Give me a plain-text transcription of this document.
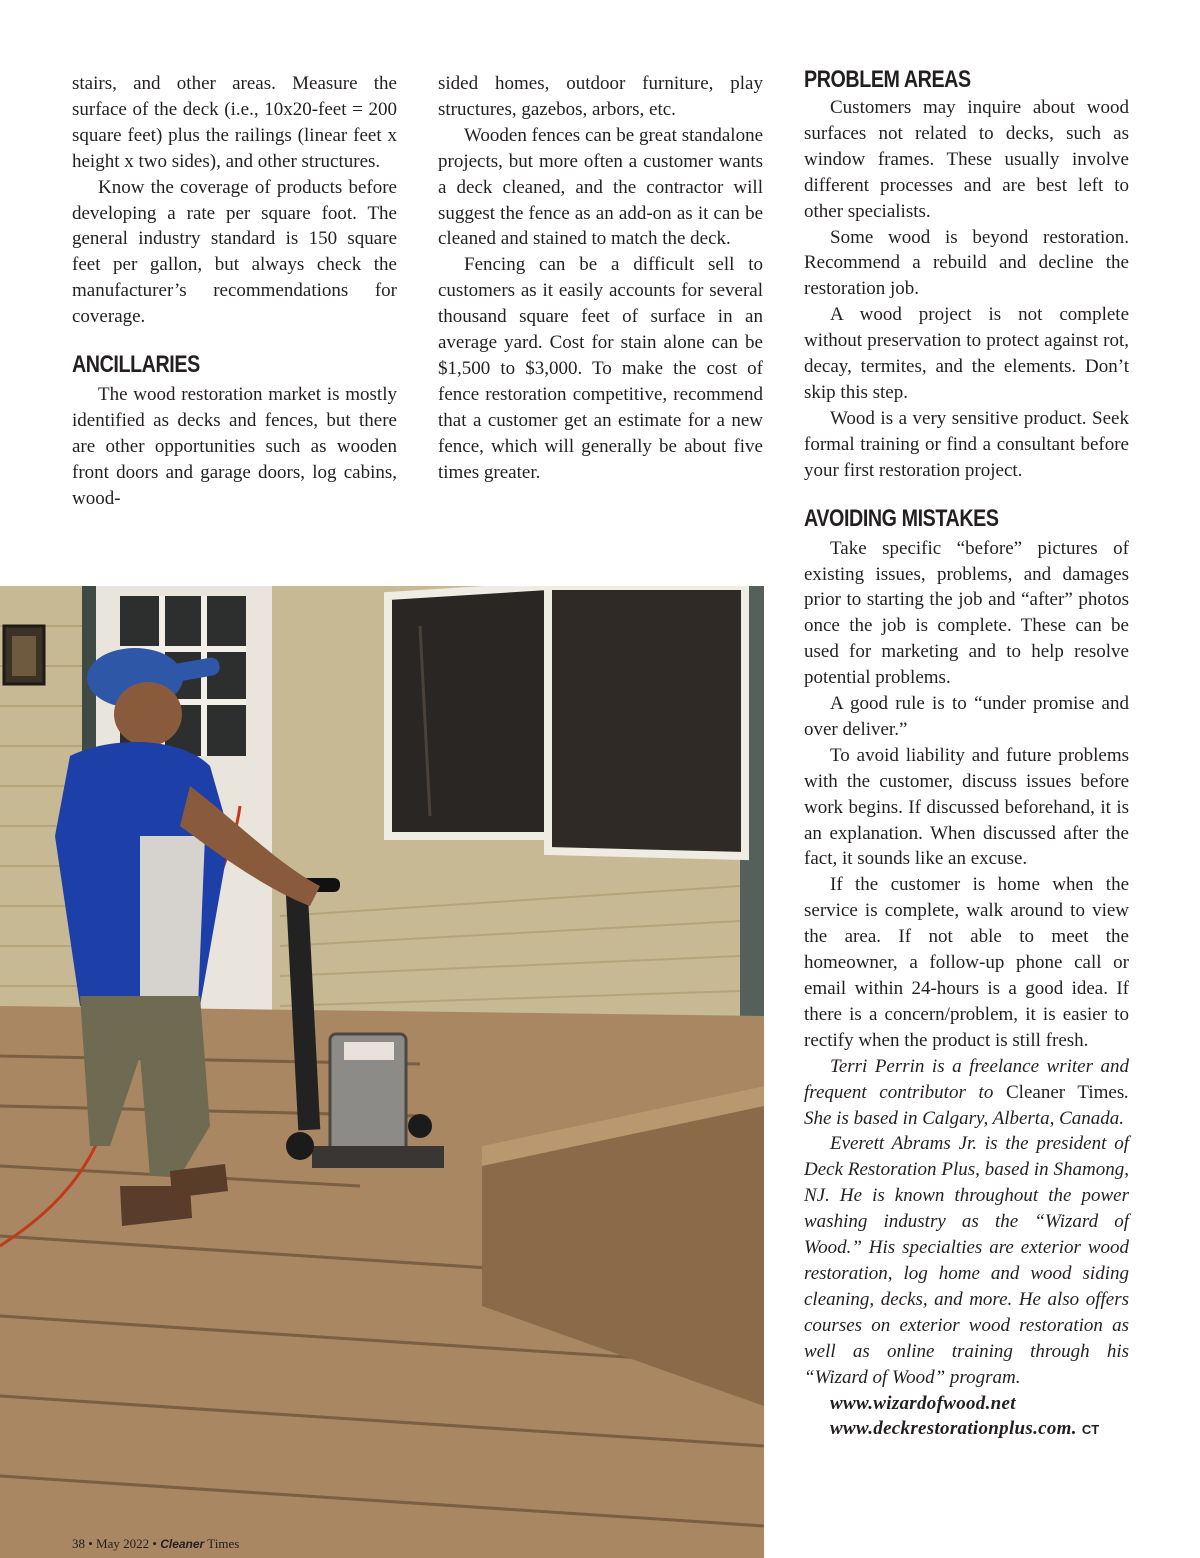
stairs, and other areas. Measure the surface of the deck (i.e., 10x20-feet = 200 square feet) plus the railings (linear feet x height x two sides), and other structures.

Know the coverage of products before developing a rate per square foot. The general industry standard is 150 square feet per gallon, but always check the manufacturer’s recommendations for coverage.

ANCILLARIES

The wood restoration market is mostly identified as decks and fences, but there are other opportunities such as wooden front doors and garage doors, log cabins, wood-

sided homes, outdoor furniture, play structures, gazebos, arbors, etc.

Wooden fences can be great standalone projects, but more often a customer wants a deck cleaned, and the contractor will suggest the fence as an add-on as it can be cleaned and stained to match the deck.

Fencing can be a difficult sell to customers as it easily accounts for several thousand square feet of surface in an average yard. Cost for stain alone can be $1,500 to $3,000. To make the cost of fence restoration competitive, recommend that a customer get an estimate for a new fence, which will generally be about five times greater.

PROBLEM AREAS

Customers may inquire about wood surfaces not related to decks, such as window frames. These usually involve different processes and are best left to other specialists.

Some wood is beyond restoration. Recommend a rebuild and decline the restoration job.

A wood project is not complete without preservation to protect against rot, decay, termites, and the elements. Don’t skip this step.

Wood is a very sensitive product. Seek formal training or find a consultant before your first restoration project.

AVOIDING MISTAKES

Take specific “before” pictures of existing issues, problems, and damages prior to starting the job and “after” photos once the job is complete. These can be used for marketing and to help resolve potential problems.

A good rule is to “under promise and over deliver.”

To avoid liability and future problems with the customer, discuss issues before work begins. If discussed beforehand, it is an explanation. When discussed after the fact, it sounds like an excuse.

If the customer is home when the service is complete, walk around to view the area. If not able to meet the homeowner, a follow-up phone call or email within 24-hours is a good idea. If there is a concern/problem, it is easier to rectify when the product is still fresh.

Terri Perrin is a freelance writer and frequent contributor to Cleaner Times. She is based in Calgary, Alberta, Canada.

Everett Abrams Jr. is the president of Deck Restoration Plus, based in Shamong, NJ. He is known throughout the power washing industry as the “Wizard of Wood.” His specialties are exterior wood restoration, log home and wood siding cleaning, decks, and more. He also offers courses on exterior wood restoration as well as online training through his “Wizard of Wood” program.

www.wizardofwood.net

www.deckrestorationplus.com. CT

38 • May 2022 • Cleaner Times
